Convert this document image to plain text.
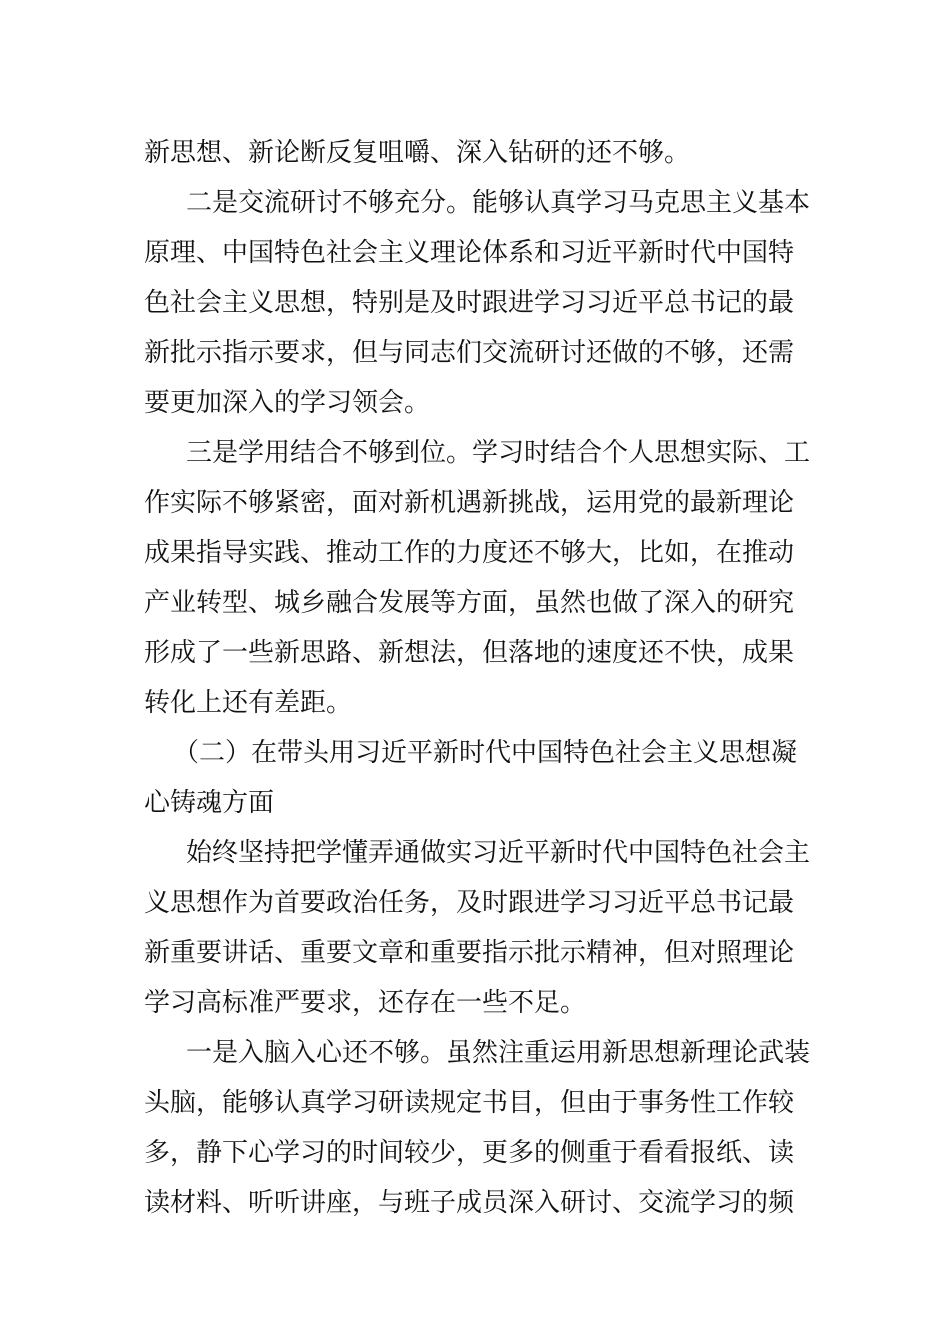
新思想、新论断反复咀嚼、深入钻研的还不够。
二是交流研讨不够充分。能够认真学习马克思主义基本
原理、中国特色社会主义理论体系和习近平新时代中国特
色社会主义思想，特别是及时跟进学习习近平总书记的最
新批示指示要求，但与同志们交流研讨还做的不够，还需
要更加深入的学习领会。
三是学用结合不够到位。学习时结合个人思想实际、工
作实际不够紧密，面对新机遇新挑战，运用党的最新理论
成果指导实践、推动工作的力度还不够大，比如，在推动
产业转型、城乡融合发展等方面，虽然也做了深入的研究
形成了一些新思路、新想法，但落地的速度还不快，成果
转化上还有差距。
（二）在带头用习近平新时代中国特色社会主义思想凝
心铸魂方面
始终坚持把学懂弄通做实习近平新时代中国特色社会主
义思想作为首要政治任务，及时跟进学习习近平总书记最
新重要讲话、重要文章和重要指示批示精神，但对照理论
学习高标准严要求，还存在一些不足。
一是入脑入心还不够。虽然注重运用新思想新理论武装
头脑，能够认真学习研读规定书目，但由于事务性工作较
多，静下心学习的时间较少，更多的侧重于看看报纸、读
读材料、听听讲座，与班子成员深入研讨、交流学习的频
